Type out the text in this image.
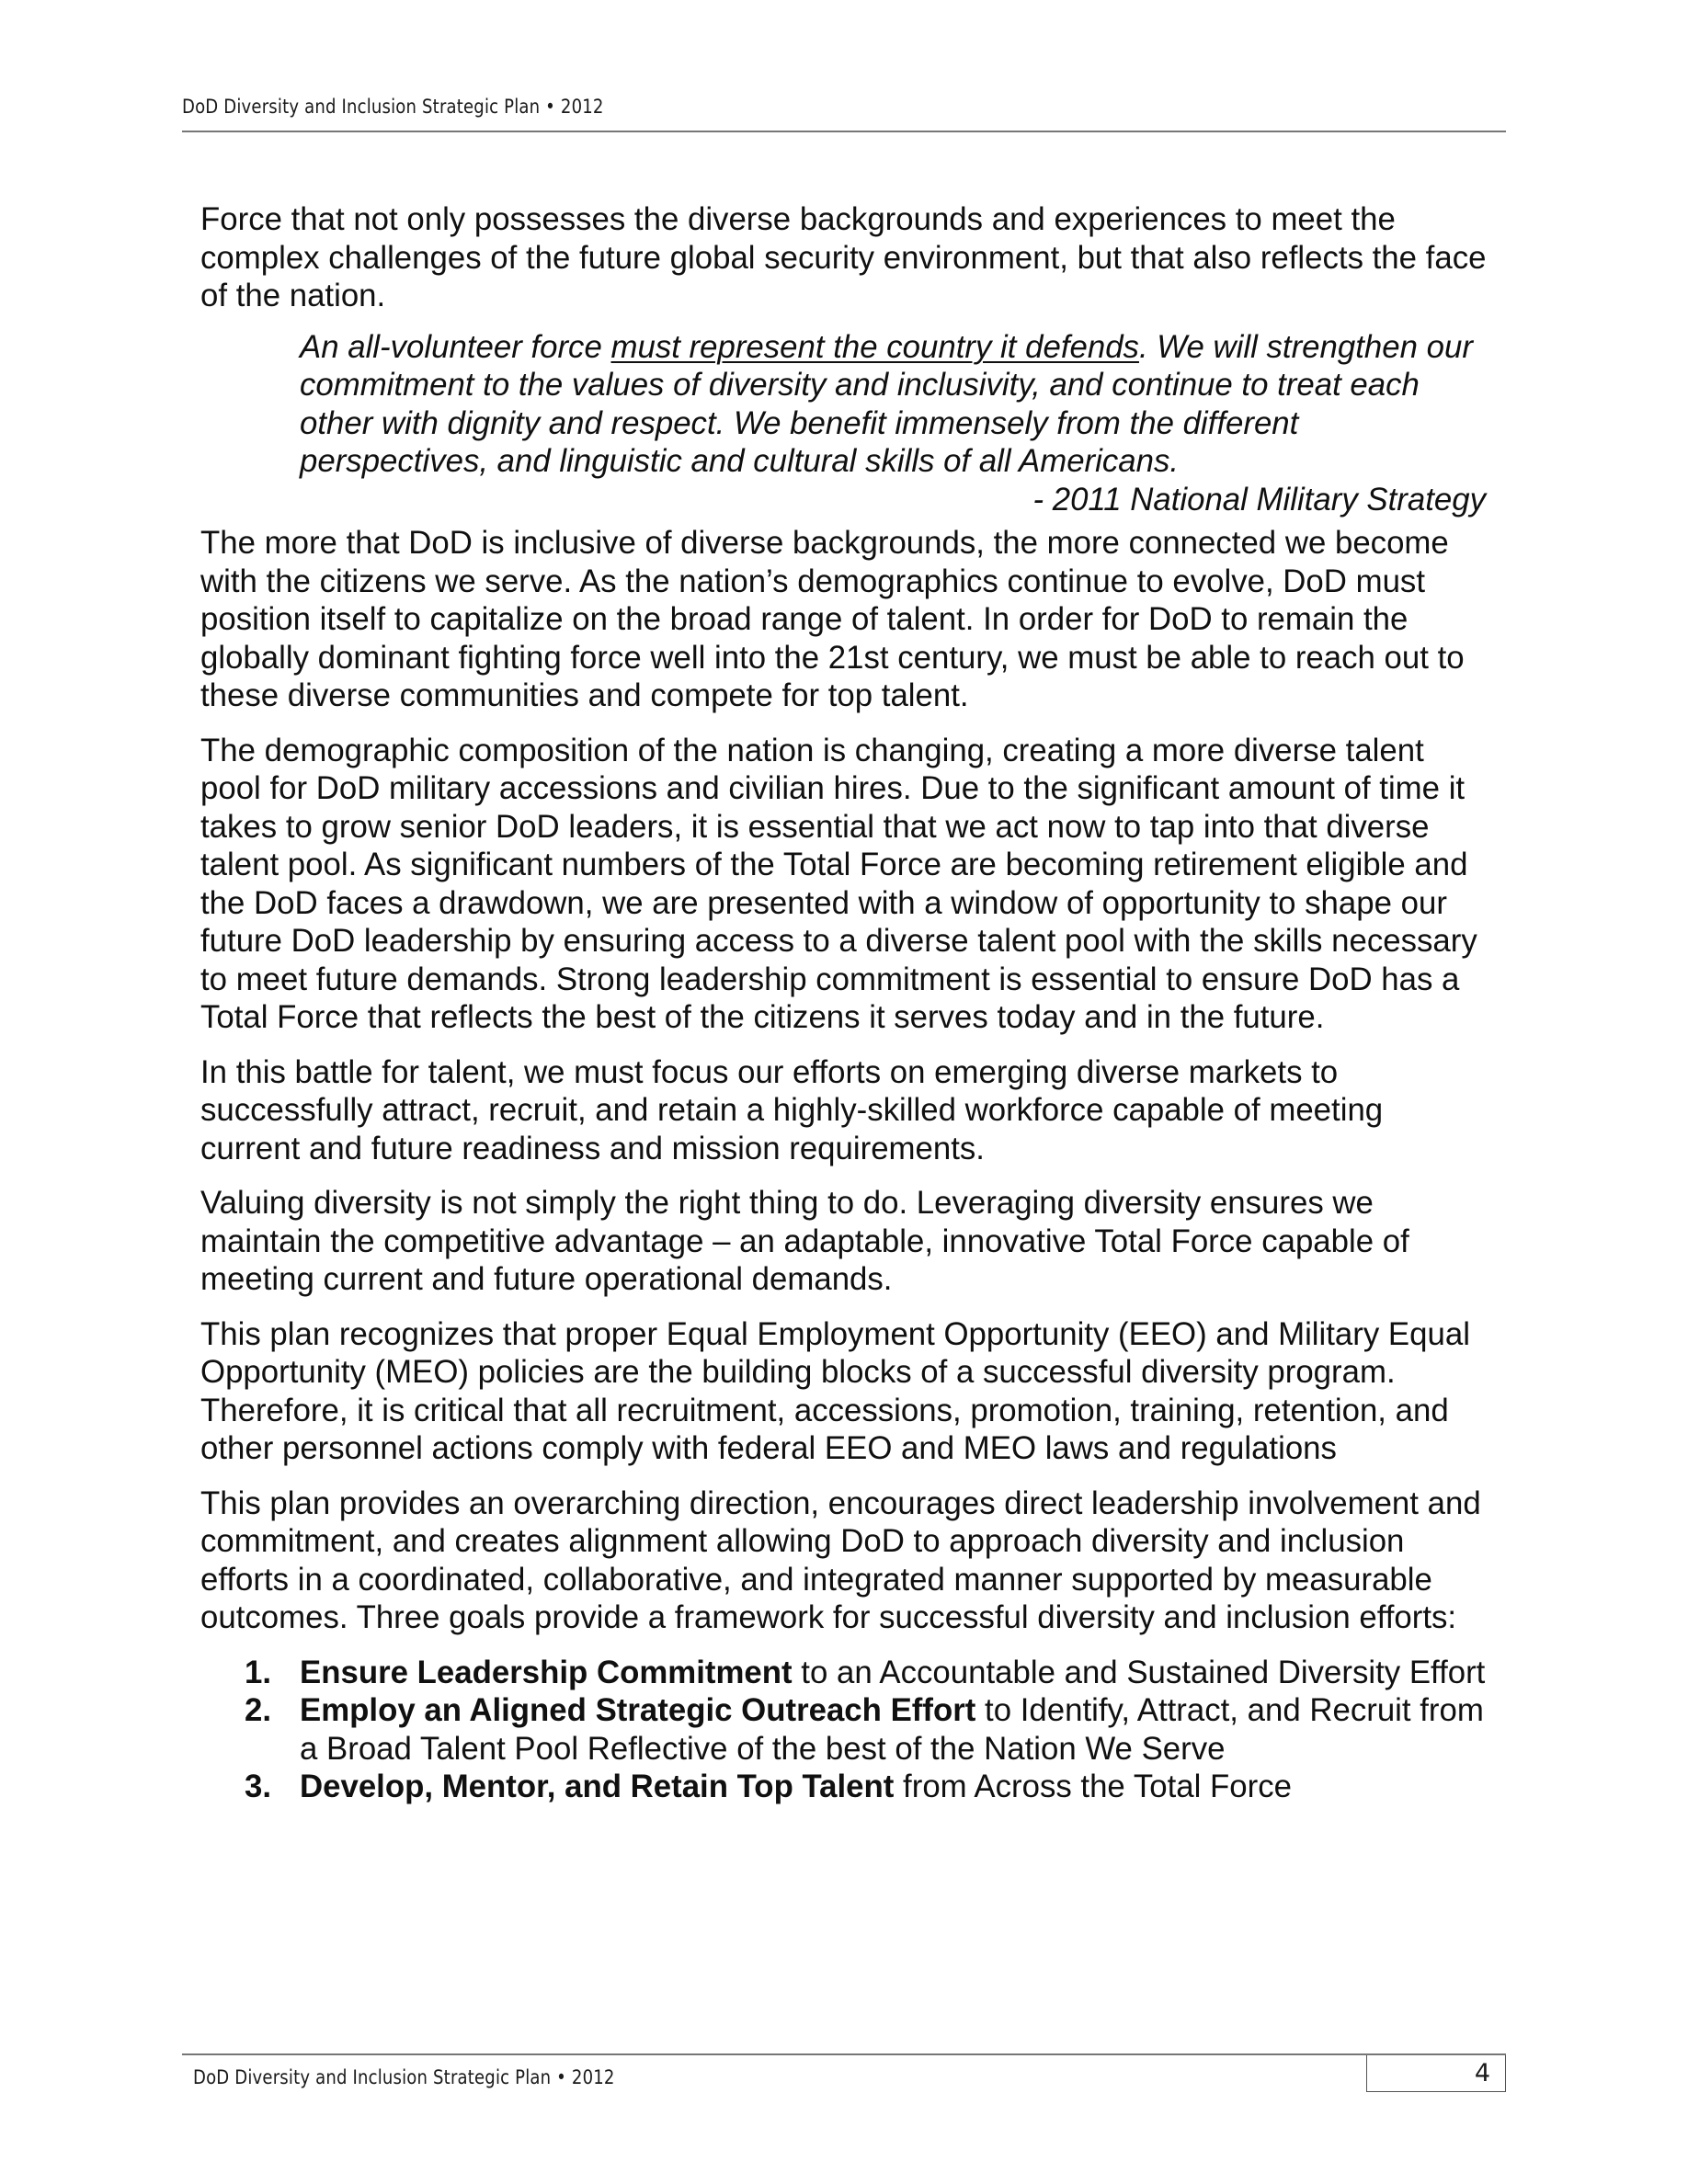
DoD Diversity and Inclusion Strategic Plan • 2012

Force that not only possesses the diverse backgrounds and experiences to meet the complex challenges of the future global security environment, but that also reflects the face of the nation.

An all-volunteer force must represent the country it defends. We will strengthen our commitment to the values of diversity and inclusivity, and continue to treat each other with dignity and respect. We benefit immensely from the different perspectives, and linguistic and cultural skills of all Americans.
- 2011 National Military Strategy

The more that DoD is inclusive of diverse backgrounds, the more connected we become with the citizens we serve. As the nation’s demographics continue to evolve, DoD must position itself to capitalize on the broad range of talent. In order for DoD to remain the globally dominant fighting force well into the 21st century, we must be able to reach out to these diverse communities and compete for top talent.

The demographic composition of the nation is changing, creating a more diverse talent pool for DoD military accessions and civilian hires. Due to the significant amount of time it takes to grow senior DoD leaders, it is essential that we act now to tap into that diverse talent pool. As significant numbers of the Total Force are becoming retirement eligible and the DoD faces a drawdown, we are presented with a window of opportunity to shape our future DoD leadership by ensuring access to a diverse talent pool with the skills necessary to meet future demands. Strong leadership commitment is essential to ensure DoD has a Total Force that reflects the best of the citizens it serves today and in the future.

In this battle for talent, we must focus our efforts on emerging diverse markets to successfully attract, recruit, and retain a highly-skilled workforce capable of meeting current and future readiness and mission requirements.

Valuing diversity is not simply the right thing to do. Leveraging diversity ensures we maintain the competitive advantage – an adaptable, innovative Total Force capable of meeting current and future operational demands.

This plan recognizes that proper Equal Employment Opportunity (EEO) and Military Equal Opportunity (MEO) policies are the building blocks of a successful diversity program. Therefore, it is critical that all recruitment, accessions, promotion, training, retention, and other personnel actions comply with federal EEO and MEO laws and regulations

This plan provides an overarching direction, encourages direct leadership involvement and commitment, and creates alignment allowing DoD to approach diversity and inclusion efforts in a coordinated, collaborative, and integrated manner supported by measurable outcomes. Three goals provide a framework for successful diversity and inclusion efforts:

1. Ensure Leadership Commitment to an Accountable and Sustained Diversity Effort
2. Employ an Aligned Strategic Outreach Effort to Identify, Attract, and Recruit from a Broad Talent Pool Reflective of the best of the Nation We Serve
3. Develop, Mentor, and Retain Top Talent from Across the Total Force
DoD Diversity and Inclusion Strategic Plan • 2012	4
